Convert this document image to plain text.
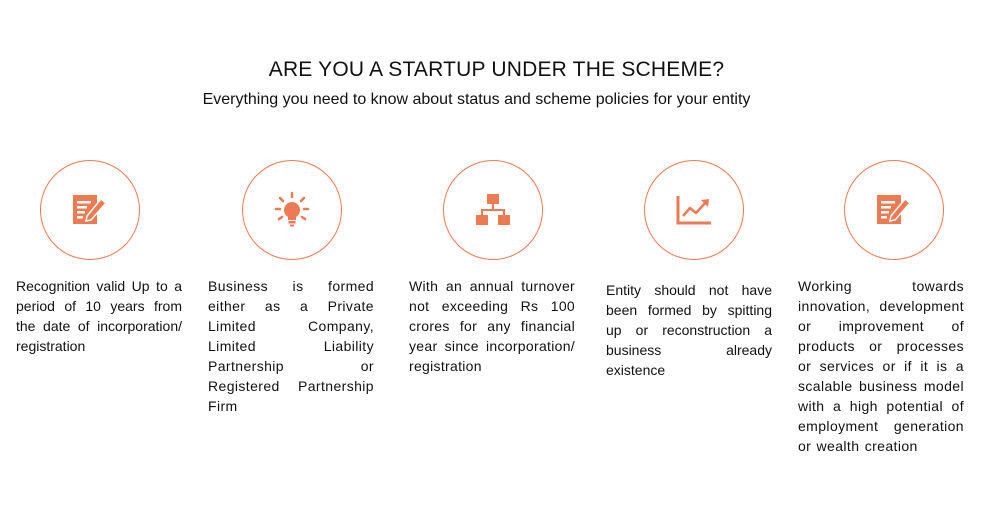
ARE YOU A STARTUP UNDER THE SCHEME?
Everything you need to know about status and scheme policies for your entity
Recognition valid Up to a period of 10 years from the date of incorporation/ registration
Business is formed either as a Private Limited Company, Limited Liability Partnership or Registered Partnership Firm
With an annual turnover not exceeding Rs 100 crores for any financial year since incorporation/ registration
Entity should not have been formed by spitting up or reconstruction a business already existence
Working towards innovation, development or improvement of products or processes or services or if it is a scalable business model with a high potential of employment generation or wealth creation
